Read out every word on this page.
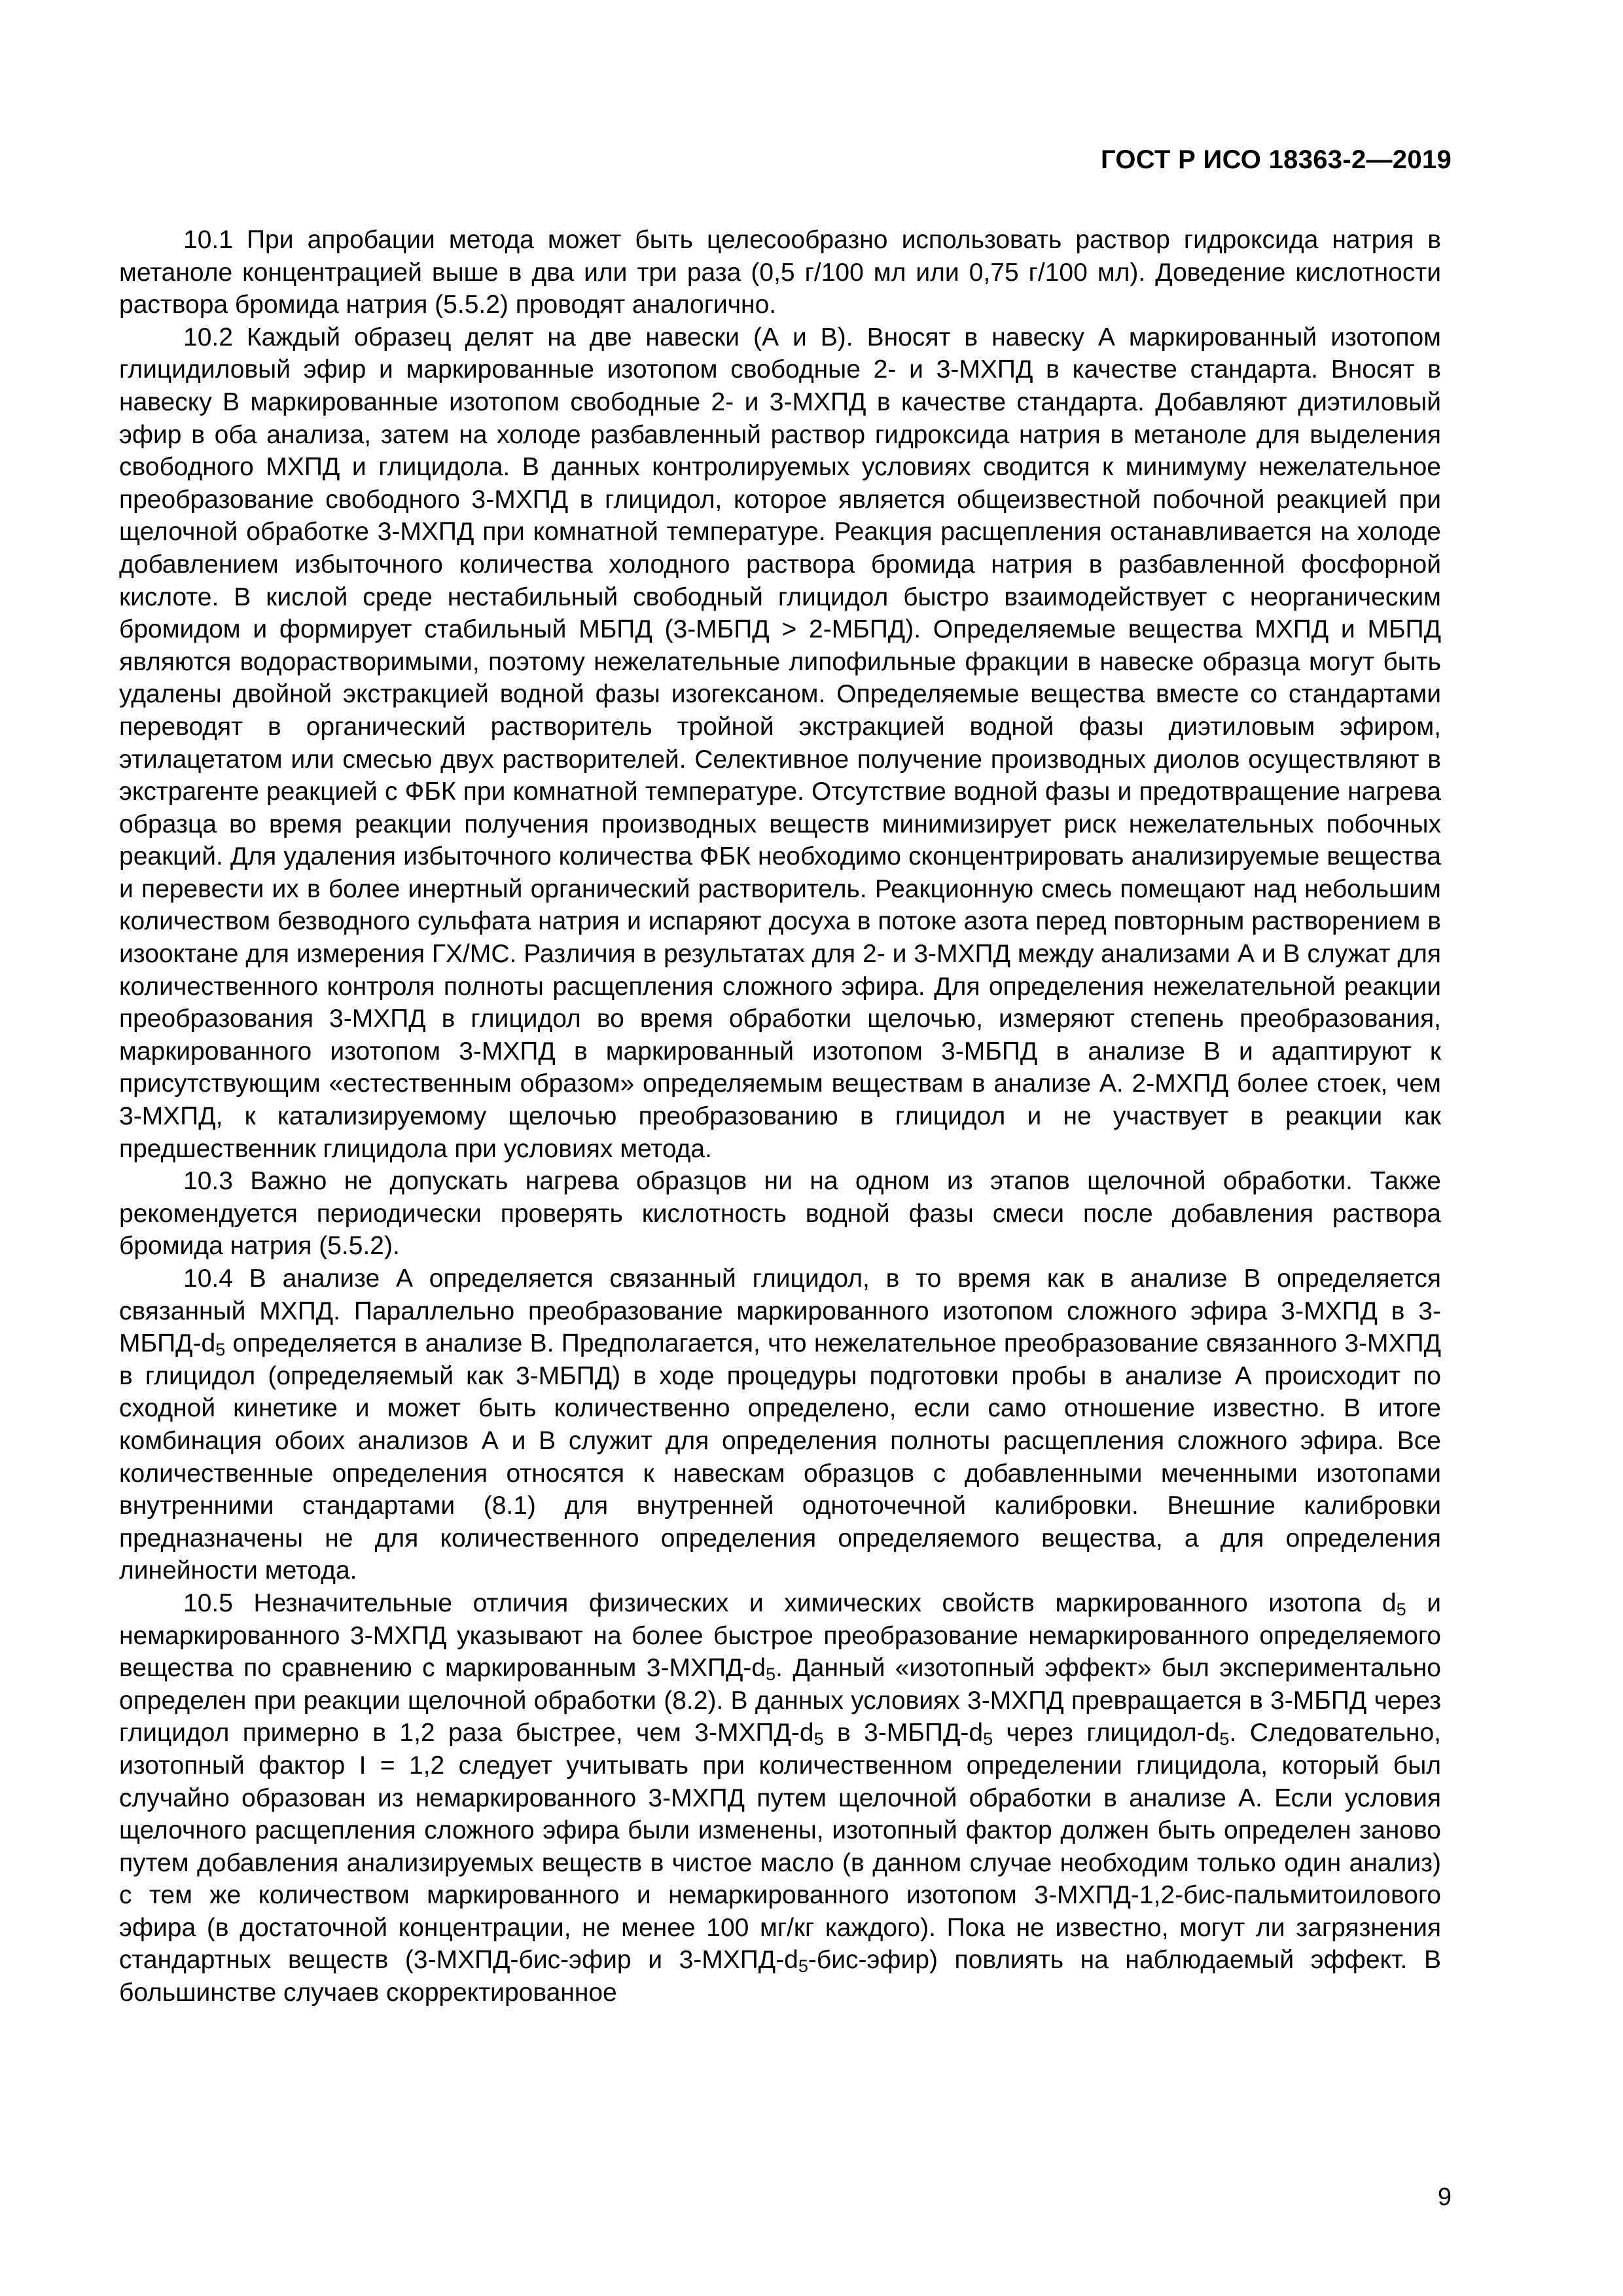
ГОСТ Р ИСО 18363-2—2019

10.1 При апробации метода может быть целесообразно использовать раствор гидроксида натрия в метаноле концентрацией выше в два или три раза (0,5 г/100 мл или 0,75 г/100 мл). Доведение кислотности раствора бромида натрия (5.5.2) проводят аналогично.

10.2 Каждый образец делят на две навески (А и В). Вносят в навеску А маркированный изотопом глицидиловый эфир и маркированные изотопом свободные 2- и 3-МХПД в качестве стандарта. Вносят в навеску В маркированные изотопом свободные 2- и 3-МХПД в качестве стандарта. Добавляют диэтиловый эфир в оба анализа, затем на холоде разбавленный раствор гидроксида натрия в метаноле для выделения свободного МХПД и глицидола. В данных контролируемых условиях сводится к минимуму нежелательное преобразование свободного 3-МХПД в глицидол, которое является общеизвестной побочной реакцией при щелочной обработке 3-МХПД при комнатной температуре. Реакция расщепления останавливается на холоде добавлением избыточного количества холодного раствора бромида натрия в разбавленной фосфорной кислоте. В кислой среде нестабильный свободный глицидол быстро взаимодействует с неорганическим бромидом и формирует стабильный МБПД (3-МБПД > 2-МБПД). Определяемые вещества МХПД и МБПД являются водорастворимыми, поэтому нежелательные липофильные фракции в навеске образца могут быть удалены двойной экстракцией водной фазы изогексаном. Определяемые вещества вместе со стандартами переводят в органический растворитель тройной экстракцией водной фазы диэтиловым эфиром, этилацетатом или смесью двух растворителей. Селективное получение производных диолов осуществляют в экстрагенте реакцией с ФБК при комнатной температуре. Отсутствие водной фазы и предотвращение нагрева образца во время реакции получения производных веществ минимизирует риск нежелательных побочных реакций. Для удаления избыточного количества ФБК необходимо сконцентрировать анализируемые вещества и перевести их в более инертный органический растворитель. Реакционную смесь помещают над небольшим количеством безводного сульфата натрия и испаряют досуха в потоке азота перед повторным растворением в изооктане для измерения ГХ/МС. Различия в результатах для 2- и 3-МХПД между анализами А и В служат для количественного контроля полноты расщепления сложного эфира. Для определения нежелательной реакции преобразования 3-МХПД в глицидол во время обработки щелочью, измеряют степень преобразования, маркированного изотопом 3-МХПД в маркированный изотопом 3-МБПД в анализе В и адаптируют к присутствующим «естественным образом» определяемым веществам в анализе А. 2-МХПД более стоек, чем 3-МХПД, к катализируемому щелочью преобразованию в глицидол и не участвует в реакции как предшественник глицидола при условиях метода.

10.3 Важно не допускать нагрева образцов ни на одном из этапов щелочной обработки. Также рекомендуется периодически проверять кислотность водной фазы смеси после добавления раствора бромида натрия (5.5.2).

10.4 В анализе А определяется связанный глицидол, в то время как в анализе В определяется связанный МХПД. Параллельно преобразование маркированного изотопом сложного эфира 3-МХПД в $3-МБПД-d_5$ определяется в анализе В. Предполагается, что нежелательное преобразование связанного 3-МХПД в глицидол (определяемый как 3-МБПД) в ходе процедуры подготовки пробы в анализе А происходит по сходной кинетике и может быть количественно определено, если само отношение известно. В итоге комбинация обоих анализов А и В служит для определения полноты расщепления сложного эфира. Все количественные определения относятся к навескам образцов с добавленными меченными изотопами внутренними стандартами (8.1) для внутренней одноточечной калибровки. Внешние калибровки предназначены не для количественного определения определяемого вещества, а для определения линейности метода.

10.5 Незначительные отличия физических и химических свойств маркированного изотопа $d_5$ и немаркированного 3-МХПД указывают на более быстрое преобразование немаркированного определяемого вещества по сравнению с маркированным $3-МХПД-d_5$. Данный «изотопный эффект» был экспериментально определен при реакции щелочной обработки (8.2). В данных условиях 3-МХПД превращается в 3-МБПД через глицидол примерно в 1,2 раза быстрее, чем $3-МХПД-d_5$ в $3-МБПД-d_5$ через глицидол-$d_5$. Следовательно, изотопный фактор I = 1,2 следует учитывать при количественном определении глицидола, который был случайно образован из немаркированного 3-МХПД путем щелочной обработки в анализе А. Если условия щелочного расщепления сложного эфира были изменены, изотопный фактор должен быть определен заново путем добавления анализируемых веществ в чистое масло (в данном случае необходим только один анализ) с тем же количеством маркированного и немаркированного изотопом 3-МХПД-1,2-бис-пальмитоилового эфира (в достаточной концентрации, не менее 100 мг/кг каждого). Пока не известно, могут ли загрязнения стандартных веществ (3-МХПД-бис-эфир и $3-МХПД-d_5-бис-эфир$) повлиять на наблюдаемый эффект. В большинстве случаев скорректированное

9
